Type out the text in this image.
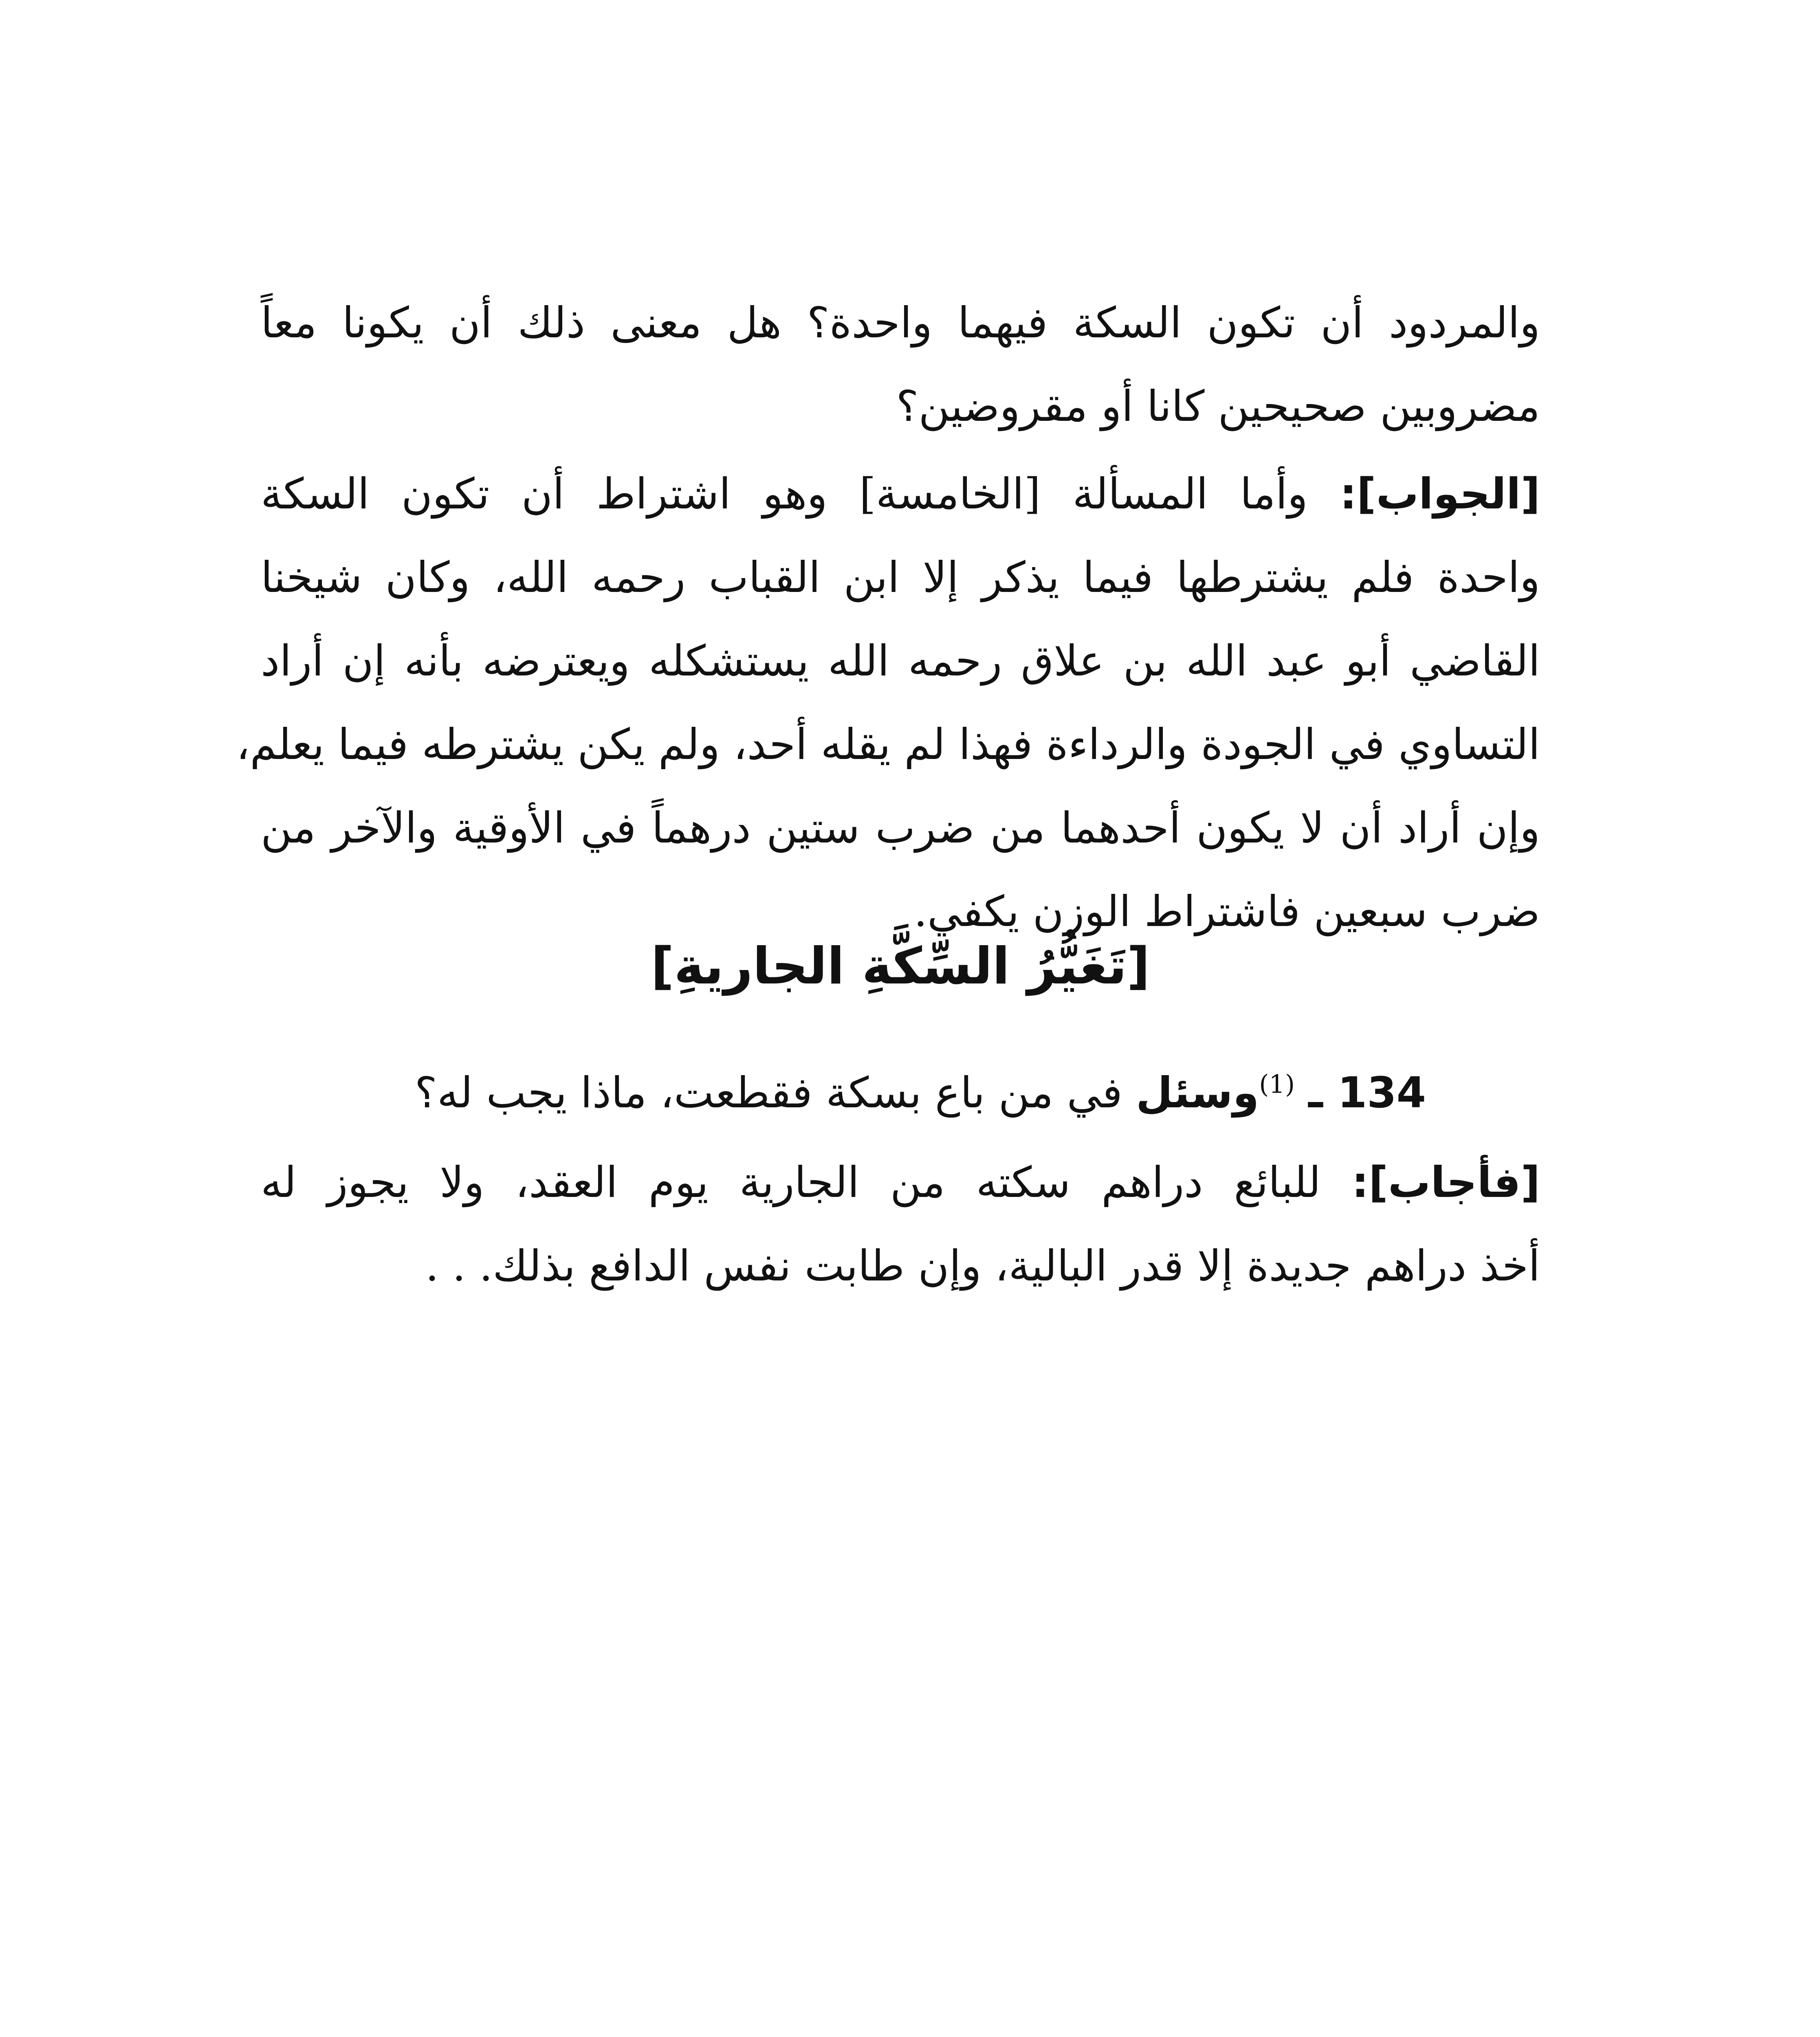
والمردود أن تكون السكة فيهما واحدة؟ هل معنى ذلك أن يكونا معاً
مضروبين صحيحين كانا أو مقروضين؟
[الجواب]: وأما المسألة [الخامسة] وهو اشتراط أن تكون السكة
واحدة فلم يشترطها فيما يذكر إلا ابن القباب رحمه الله، وكان شيخنا
القاضي أبو عبد الله بن علاق رحمه الله يستشكله ويعترضه بأنه إن أراد
التساوي في الجودة والرداءة فهذا لم يقله أحد، ولم يكن يشترطه فيما يعلم،
وإن أراد أن لا يكون أحدهما من ضرب ستين درهماً في الأوقية والآخر من
ضرب سبعين فاشتراط الوزن يكفي.
[تَغَيُّرُ السِّكَّةِ الجاريةِ]
134 ـ $^{(1)}$وسئل في من باع بسكة فقطعت، ماذا يجب له؟
[فأجاب]: للبائع دراهم سكته من الجارية يوم العقد، ولا يجوز له
أخذ دراهم جديدة إلا قدر البالية، وإن طابت نفس الدافع بذلك. . .
